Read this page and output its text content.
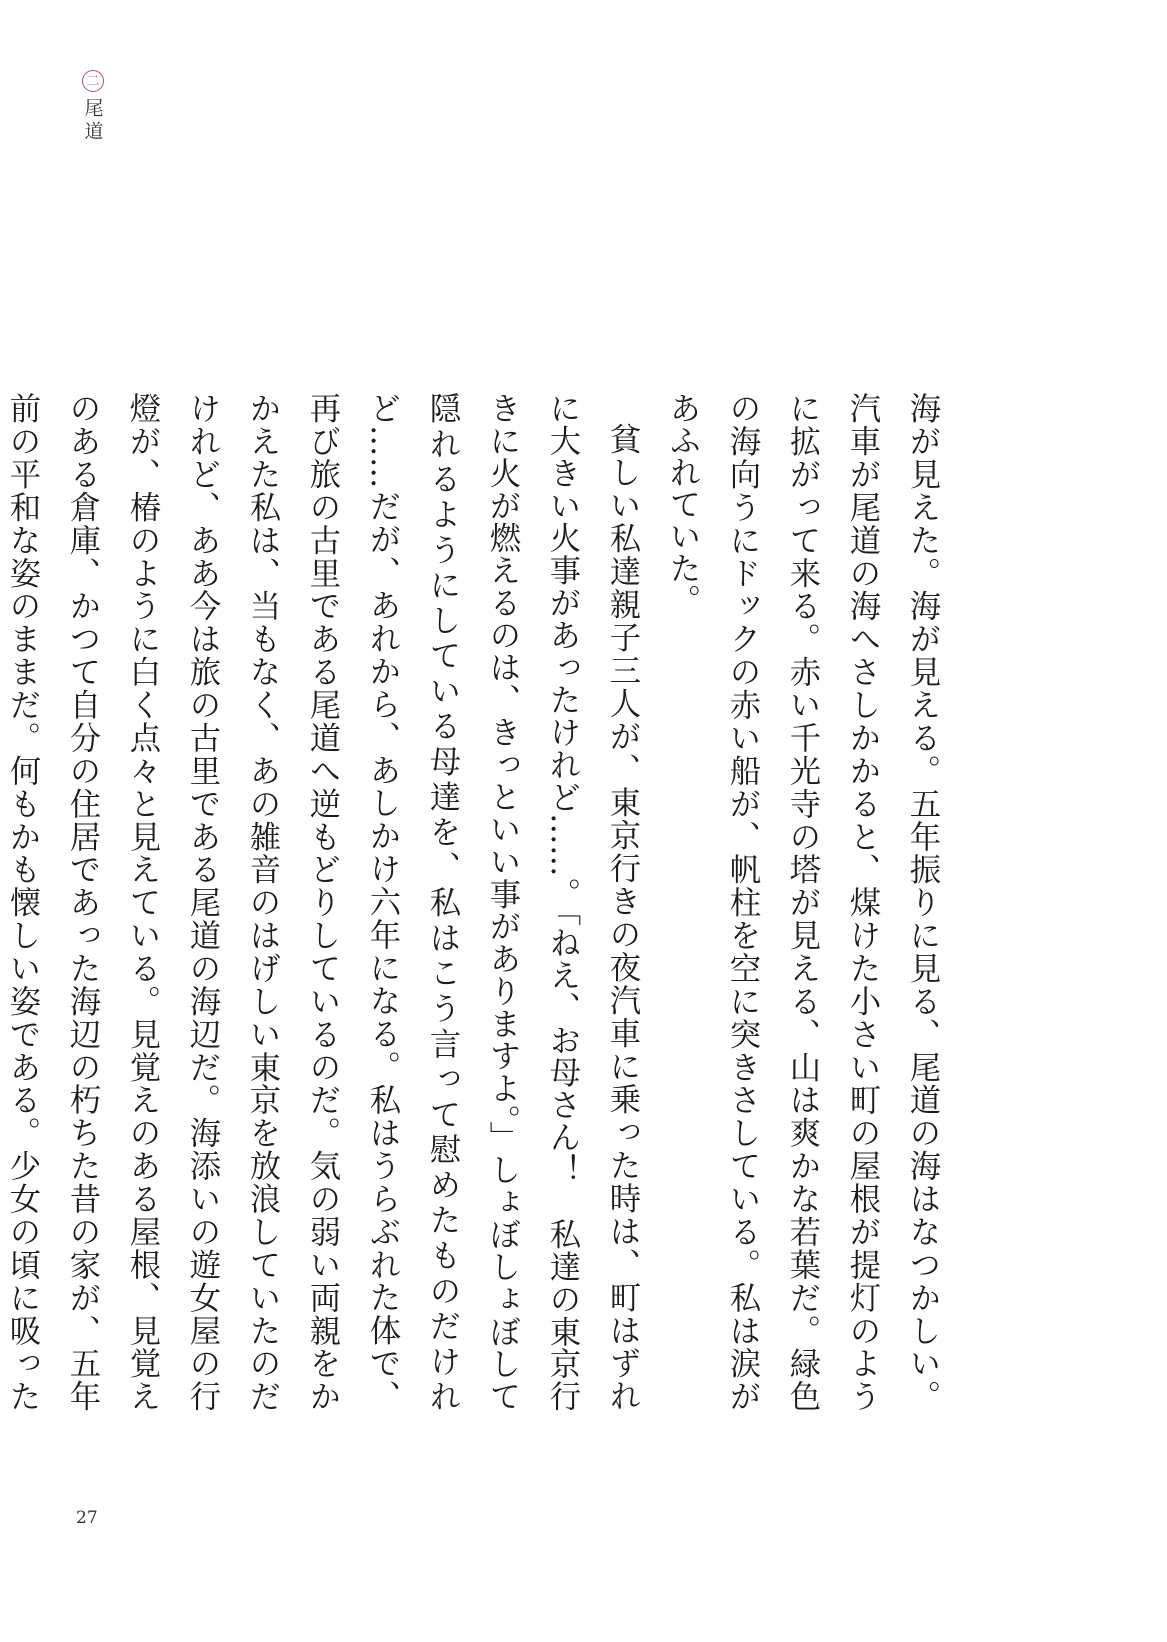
二
尾道

海が見えた。海が見える。五年振りに見る、尾道の海はなつかしい。汽車が尾道の海へさしかかると、煤けた小さい町の屋根が提灯のように拡がって来る。赤い千光寺の塔が見える、山は爽かな若葉だ。緑色の海向うにドックの赤い船が、帆柱を空に突きさしている。私は涙があふれていた。

貧しい私達親子三人が、東京行きの夜汽車に乗った時は、町はずれに大きい火事があったけれど……。「ねえ、お母さん！　私達の東京行きに火が燃えるのは、きっといい事がありますよ。」しょぼしょぼして隠れるようにしている母達を、私はこう言って慰めたものだけれど……だが、あれから、あしかけ六年になる。私はうらぶれた体で、再び旅の古里である尾道へ逆もどりしているのだ。気の弱い両親をかかえた私は、当もなく、あの雑音のはげしい東京を放浪していたのだけれど、ああ今は旅の古里である尾道の海辺だ。海添いの遊女屋の行燈が、椿のように白く点々と見えている。見覚えのある屋根、見覚えのある倉庫、かつて自分の住居であった海辺の朽ちた昔の家が、五年前の平和な姿のままだ。何もかも懐しい姿である。少女の頃に吸った

27
